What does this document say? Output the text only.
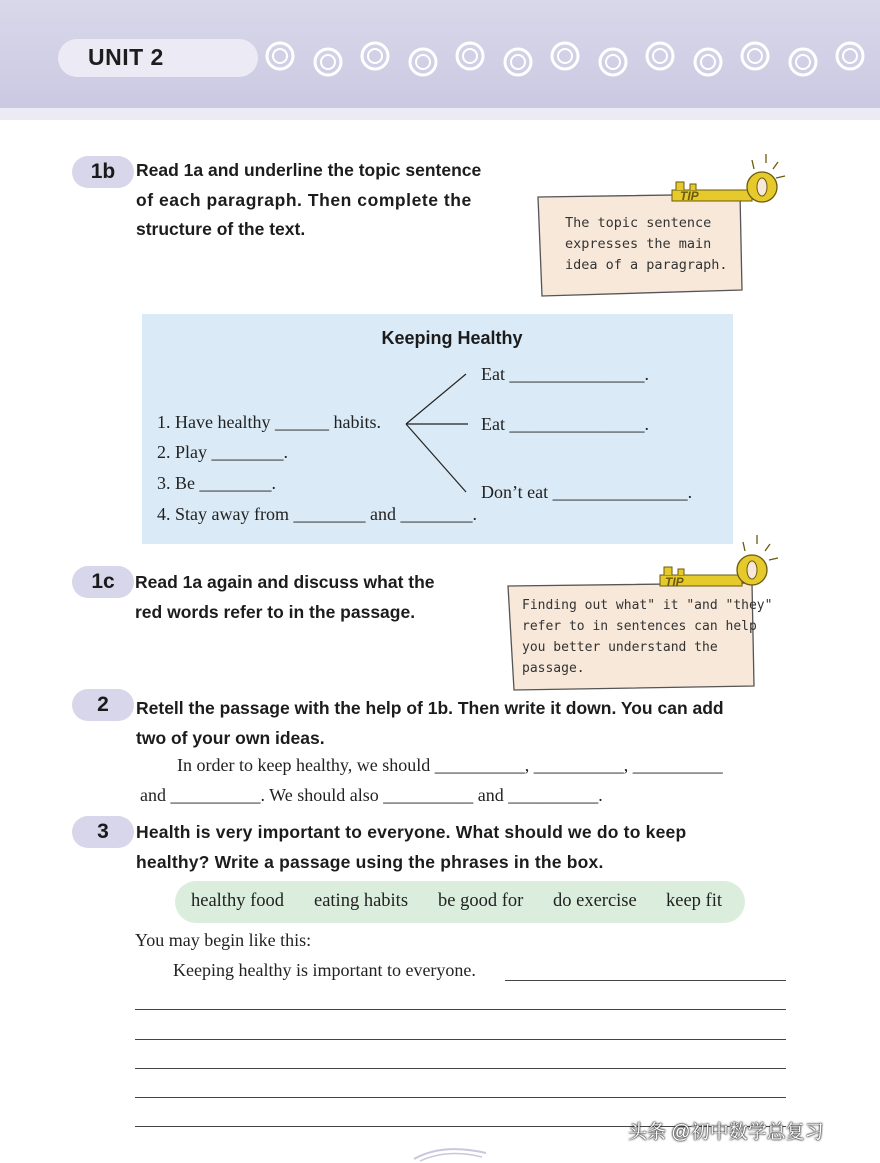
UNIT 2
1b	Read 1a and underline the topic sentence
of each paragraph. Then complete the
structure of the text.
TIP
The topic sentence
expresses the main
idea of a paragraph.
Keeping Healthy
1. Have healthy ______ habits.
2. Play ________.
3. Be ________.
4. Stay away from ________ and ________.
Eat _______________.
Eat _______________.
Don’t eat _______________.
1c	Read 1a again and discuss what the
red words refer to in the passage.
TIP
Finding out what" it "and "they"
refer to in sentences can help
you better understand the
passage.
2	Retell the passage with the help of 1b. Then write it down. You can add
two of your own ideas.
In order to keep healthy, we should __________, __________, __________
and __________. We should also __________ and __________.
3	Health is very important to everyone. What should we do to keep
healthy? Write a passage using the phrases in the box.
healthy food eating habits be good for do exercise keep fit
You may begin like this:
Keeping healthy is important to everyone.
头条 @初中数学总复习
